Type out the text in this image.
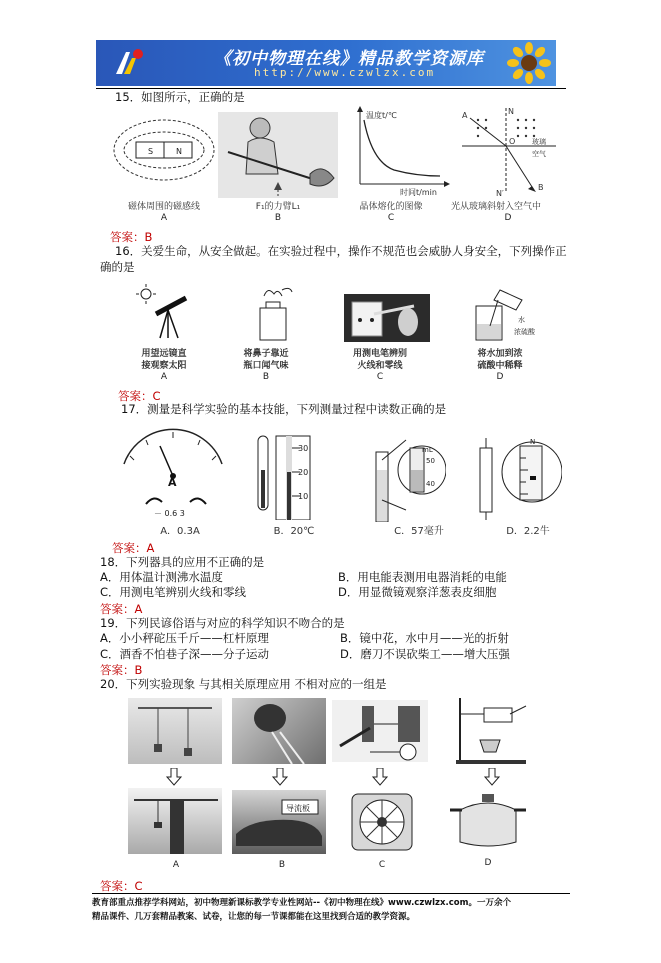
《初中物理在线》精品教学资源库
http://www.czwlzx.com
15．如图所示，正确的是
S	N
磁体周围的磁感线
A
F₁的力臂L₁
B
温度t/℃
时间t/min
晶体熔化的图像
C
N
N′
A
B
O 玻璃
空气
光从玻璃斜射入空气中
D
答案：B
16．关爱生命，从安全做起。在实验过程中，操作不规范也会威胁人身安全，下列操作正
确的是
用望远镜直
接观察太阳
A
将鼻子靠近
瓶口闻气味
B
用测电笔辨别
火线和零线
C
水
浓硫酸
将水加到浓
硫酸中稀释
D
答案：C
17．测量是科学实验的基本技能，下列测量过程中读数正确的是
A
－ 0.6 3
A．0.3A
30
20
10
B．20℃
mL
50
40
C．57毫升
N
D．2.2牛
答案：A
18．下列器具的应用不正确的是
A．用体温计测沸水温度	B．用电能表测用电器消耗的电能
C．用测电笔辨别火线和零线	D．用显微镜观察洋葱表皮细胞
答案：A
19．下列民谚俗语与对应的科学知识不吻合的是
A．小小秤砣压千斤——杠杆原理	B．镜中花，水中月——光的折射
C．酒香不怕巷子深——分子运动	D．磨刀不误砍柴工——增大压强
答案：B
20．下列实验现象 与其相关原理应用 不相对应的一组是
导流板
A	B	C	D
答案：C
教育部重点推荐学科网站，初中物理新课标教学专业性网站--《初中物理在线》www.czwlzx.com。一万余个
精品课件、几万套精品教案、试卷，让您的每一节课都能在这里找到合适的教学资源。
